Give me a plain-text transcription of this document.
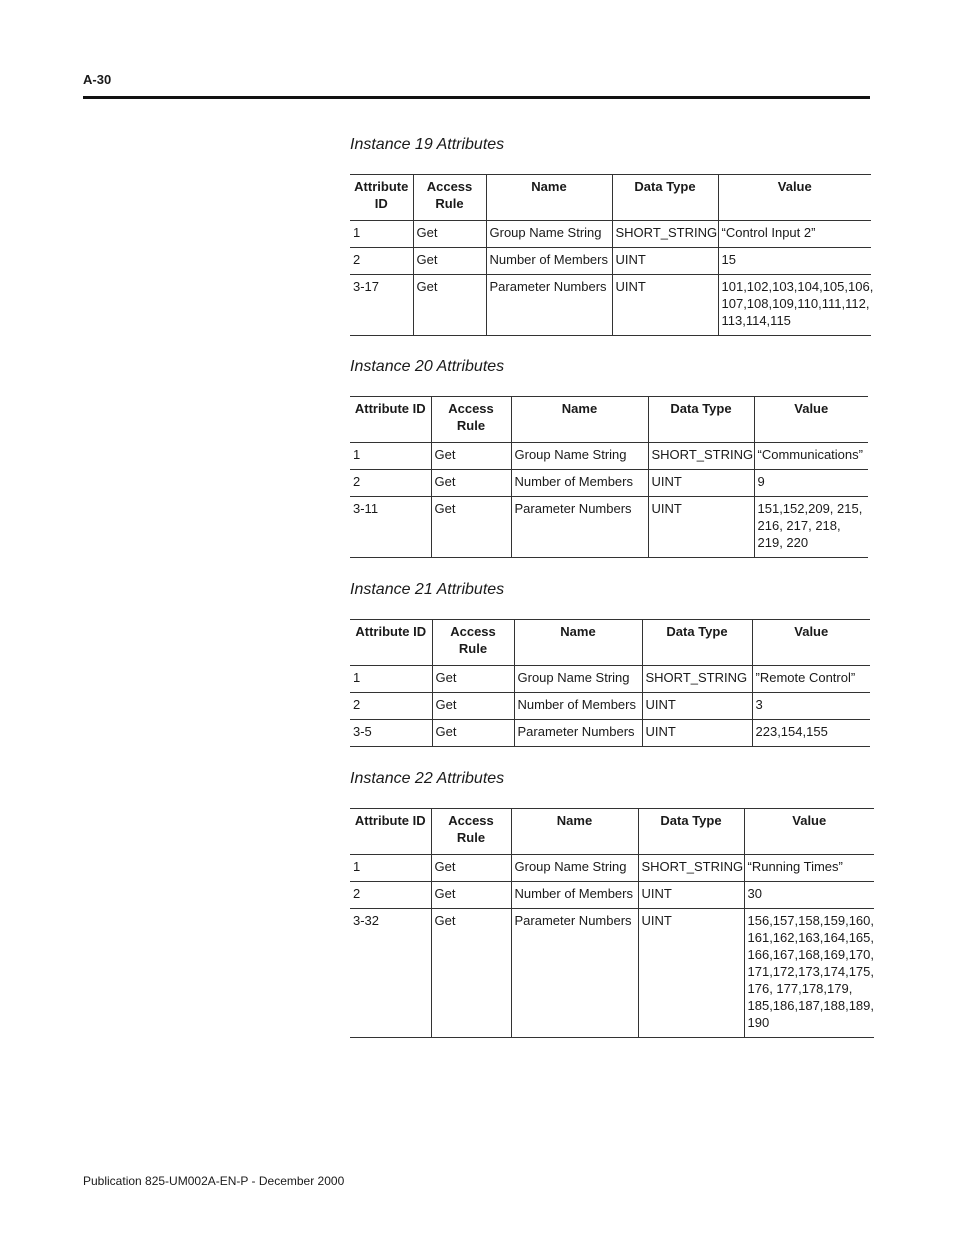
A-30
Instance 19 Attributes
Attribute ID	Access Rule	Name	Data Type	Value
1	Get	Group Name String	SHORT_STRING	“Control Input 2”
2	Get	Number of Members	UINT	15
3-17	Get	Parameter Numbers	UINT	101,102,103,104,105,106, 107,108,109,110,111,112, 113,114,115
Instance 20 Attributes
Attribute ID	Access Rule	Name	Data Type	Value
1	Get	Group Name String	SHORT_STRING	“Communications”
2	Get	Number of Members	UINT	9
3-11	Get	Parameter Numbers	UINT	151,152,209, 215, 216, 217, 218, 219, 220
Instance 21 Attributes
Attribute ID	Access Rule	Name	Data Type	Value
1	Get	Group Name String	SHORT_STRING	”Remote Control”
2	Get	Number of Members	UINT	3
3-5	Get	Parameter Numbers	UINT	223,154,155
Instance 22 Attributes
Attribute ID	Access Rule	Name	Data Type	Value
1	Get	Group Name String	SHORT_STRING	“Running Times”
2	Get	Number of Members	UINT	30
3-32	Get	Parameter Numbers	UINT	156,157,158,159,160, 161,162,163,164,165, 166,167,168,169,170, 171,172,173,174,175, 176, 177,178,179, 185,186,187,188,189, 190
Publication 825-UM002A-EN-P - December 2000
